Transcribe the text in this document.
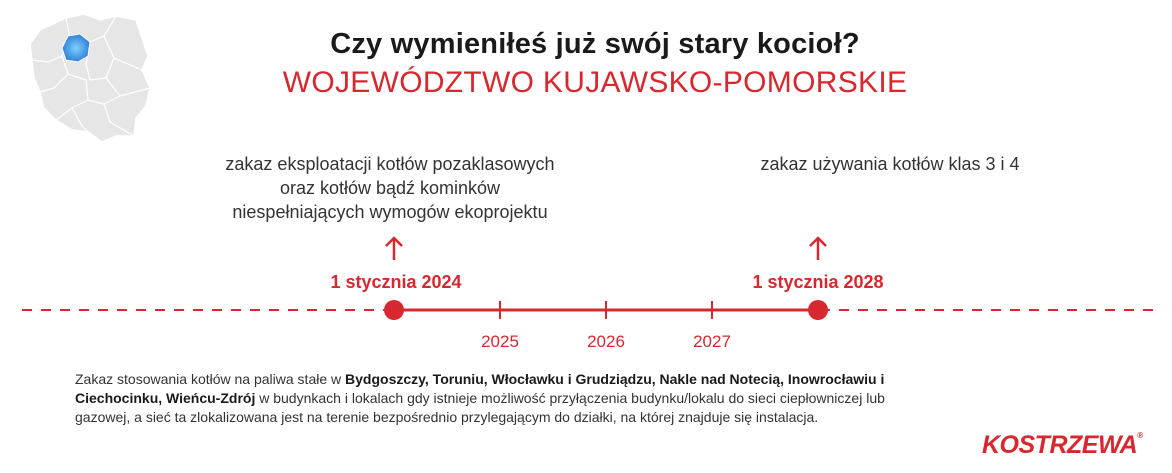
Czy wymieniłeś już swój stary kocioł?
WOJEWÓDZTWO KUJAWSKO-POMORSKIE
zakaz eksploatacji kotłów pozaklasowych
oraz kotłów bądź kominków
niespełniających wymogów ekoprojektu
zakaz używania kotłów klas 3 i 4
1 stycznia 2024	1 stycznia 2028
2025	2026	2027
Zakaz stosowania kotłów na paliwa stałe w Bydgoszczy, Toruniu, Włocławku i Grudziądzu, Nakle nad Notecią, Inowrocławiu i Ciechocinku, Wieńcu-Zdrój w budynkach i lokalach gdy istnieje możliwość przyłączenia budynku/lokalu do sieci ciepłowniczej lub gazowej, a sieć ta zlokalizowana jest na terenie bezpośrednio przylegającym do działki, na której znajduje się instalacja.
KOSTRZEWA®
